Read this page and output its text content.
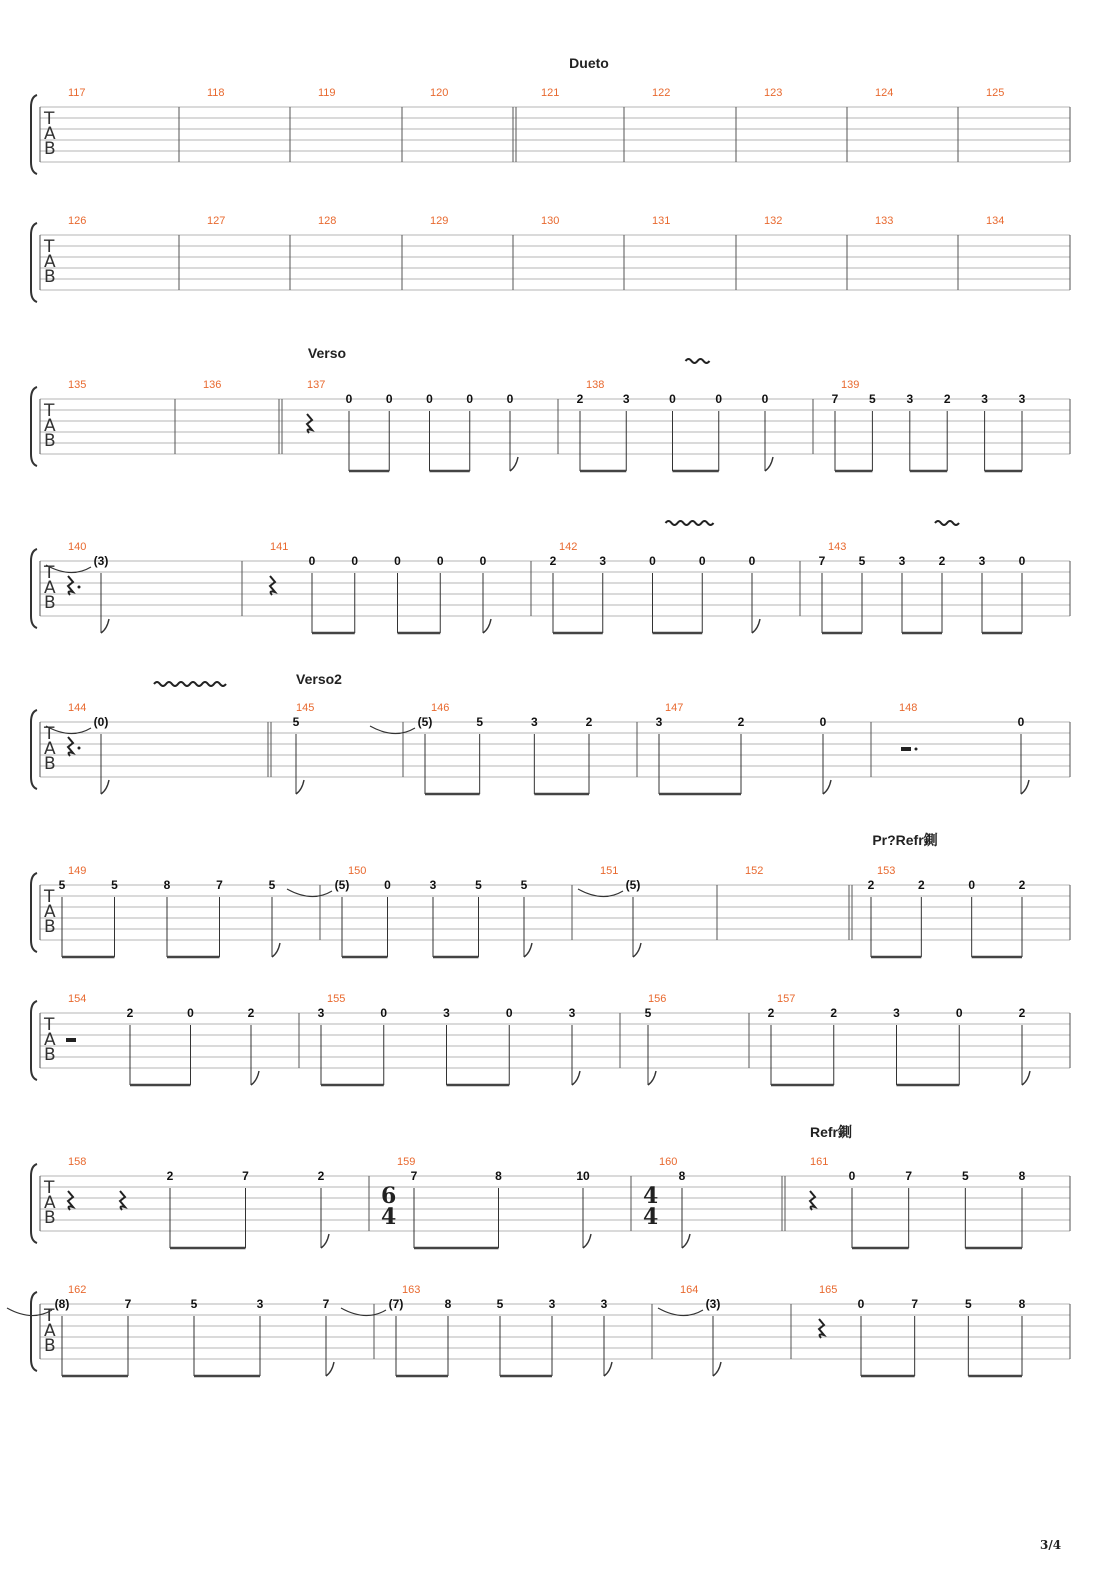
T
A
B
Dueto
117	118	119	120	121	122	123	124	125
T
A
B
126	127	128	129	130	131	132	133	134
T
A
B
Verso
135	136	137
0	0	0	0	0
138
2	3	0	0	0
139
7	5	3	2	3	3
T
A
B
140
(3)
141
0	0	0	0	0
142
2	3	0	0	0
143
7	5	3	2	3	0
T
A
B
Verso2
144
(0)
145
5
146
(5)	5	3	2
147
3	2	0
148
0
T
A
B
Pr?Refr鍘
149
5	5	8	7	5
150
(5)	0	3	5	5
151
(5)
152	153
2	2	0	2
T
A
B
154
2	0	2
155
3	0	3	0	3
156
5
157
2	2	3	0	2
T
A
B
Refr鍘
158
2	7	2
159
6
4
7	8	10
160
4
4
8
161
0	7	5	8
T
A
B
162
(8)	7	5	3	7
163
(7)	8	5	3	3
164
(3)
165
0	7	5	8
3/4
